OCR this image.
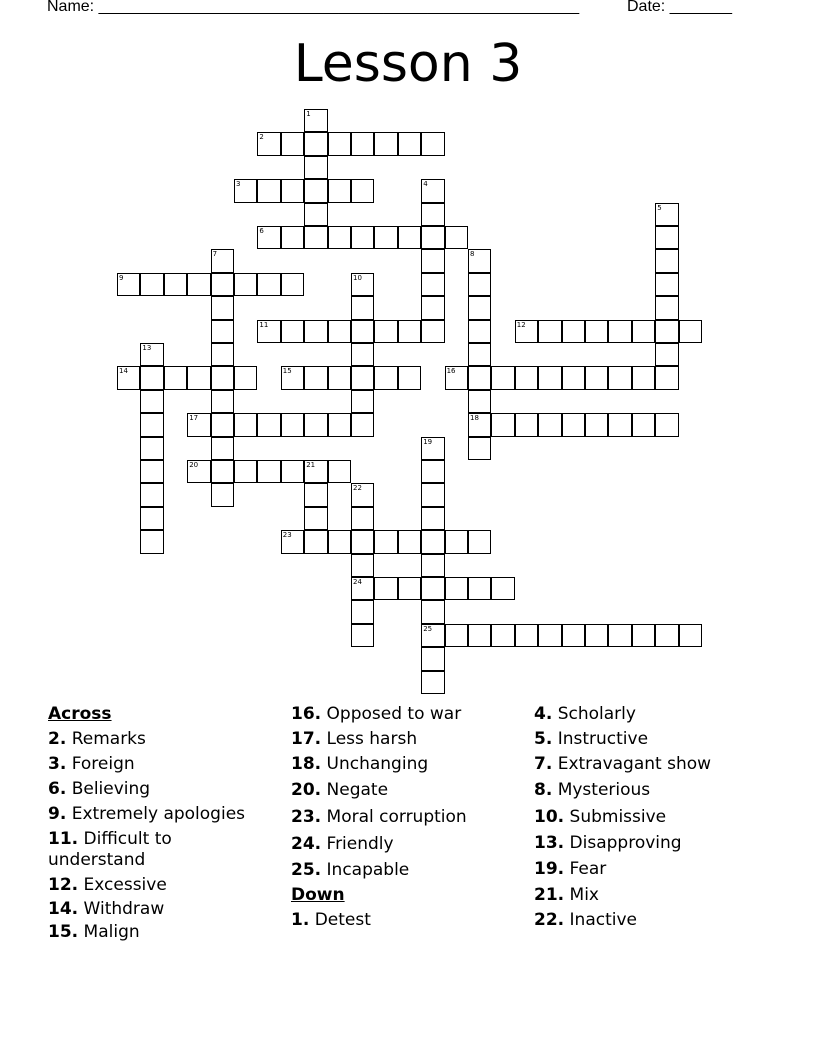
Name: ______________________________________________________	Date: _______
Lesson 3
1
2
3	4
5
6
7	8
18
9	10
11	12
13
14	15	16
17
19
25
20	21
22
24
23
Across
2. Remarks
3. Foreign
6. Believing
9. Extremely apologies
11. Difficult to understand
12. Excessive
14. Withdraw
15. Malign
16. Opposed to war
17. Less harsh
18. Unchanging
20. Negate
23. Moral corruption
24. Friendly
25. Incapable
Down
1. Detest
4. Scholarly
5. Instructive
7. Extravagant show
8. Mysterious
10. Submissive
13. Disapproving
19. Fear
21. Mix
22. Inactive
